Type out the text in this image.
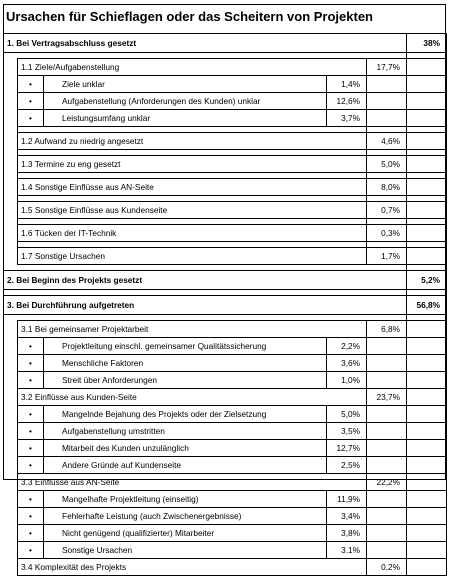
Ursachen für Schieflagen oder das Scheitern von Projekten
1. Bei Vertragsabschluss gesetzt					38%

	1.1 Ziele/Aufgabenstellung			17,7%	
	•	Ziele unklar	1,4%		
	•	Aufgabenstellung (Anforderungen des Kunden) unklar	12,6%		
	•	Leistungsumfang unklar	3,7%		

	1.2 Aufwand zu niedrig angesetzt			4,6%	

	1.3 Termine zu eng gesetzt			5,0%	

	1.4 Sonstige Einflüsse aus AN-Seite			8,0%	

	1.5 Sonstige Einflüsse aus Kundenseite			0,7%	

	1.6 Tücken der IT-Technik			0,3%	

	1.7 Sonstige Ursachen			1,7%	

2. Bei Beginn des Projekts gesetzt					5,2%

3. Bei Durchführung aufgetreten					56,8%

	3.1 Bei gemeinsamer Projektarbeit			6,8%	
	•	Projektleitung einschl. gemeinsamer Qualitätssicherung	2,2%		
	•	Menschliche Faktoren	3,6%		
	•	Streit über Anforderungen	1,0%		
	3.2 Einflüsse aus Kunden-Seite			23,7%	
	•	Mangelnde Bejahung des Projekts oder der Zielsetzung	5,0%		
	•	Aufgabenstellung umstritten	3,5%		
	•	Mitarbeit des Kunden unzulänglich	12,7%		
	•	Andere Gründe auf Kundenseite	2,5%		
	3.3 Einflüsse aus AN-Seite			22,2%	
	•	Mangelhafte Projektleitung (einseitig)	11,9%		
	•	Fehlerhafte Leistung (auch Zwischenergebnisse)	3,4%		
	•	Nicht genügend (qualifizierter) Mitarbeiter	3,8%		
	•	Sonstige Ursachen	3.1%		
	3.4 Komplexität des Projekts			0,2%	
